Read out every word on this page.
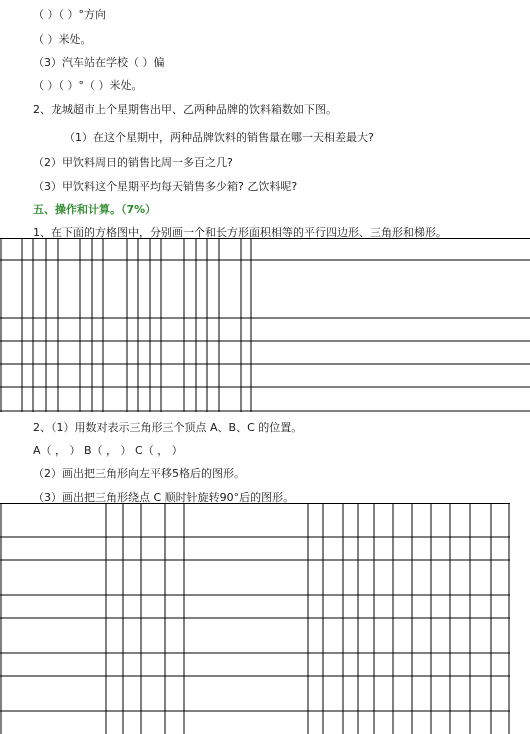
（ ）（ ）°方向
（ ）米处。
（3）汽车站在学校（ ）偏
（ ）（ ）°（ ）米处。
2、龙城超市上个星期售出甲、乙两种品牌的饮料箱数如下图。
（1）在这个星期中，两种品牌饮料的销售量在哪一天相差最大?
（2）甲饮料周日的销售比周一多百之几?
（3）甲饮料这个星期平均每天销售多少箱? 乙饮料呢?
五、操作和计算。（7%）
1、在下面的方格图中，分别画一个和长方形面积相等的平行四边形、三角形和梯形。
2、（1）用数对表示三角形三个顶点 A、B、C 的位置。
A（ ， ） B（ ， ） C（ ， ）
（2）画出把三角形向左平移5格后的图形。
（3）画出把三角形绕点 C 顺时针旋转90°后的图形。
